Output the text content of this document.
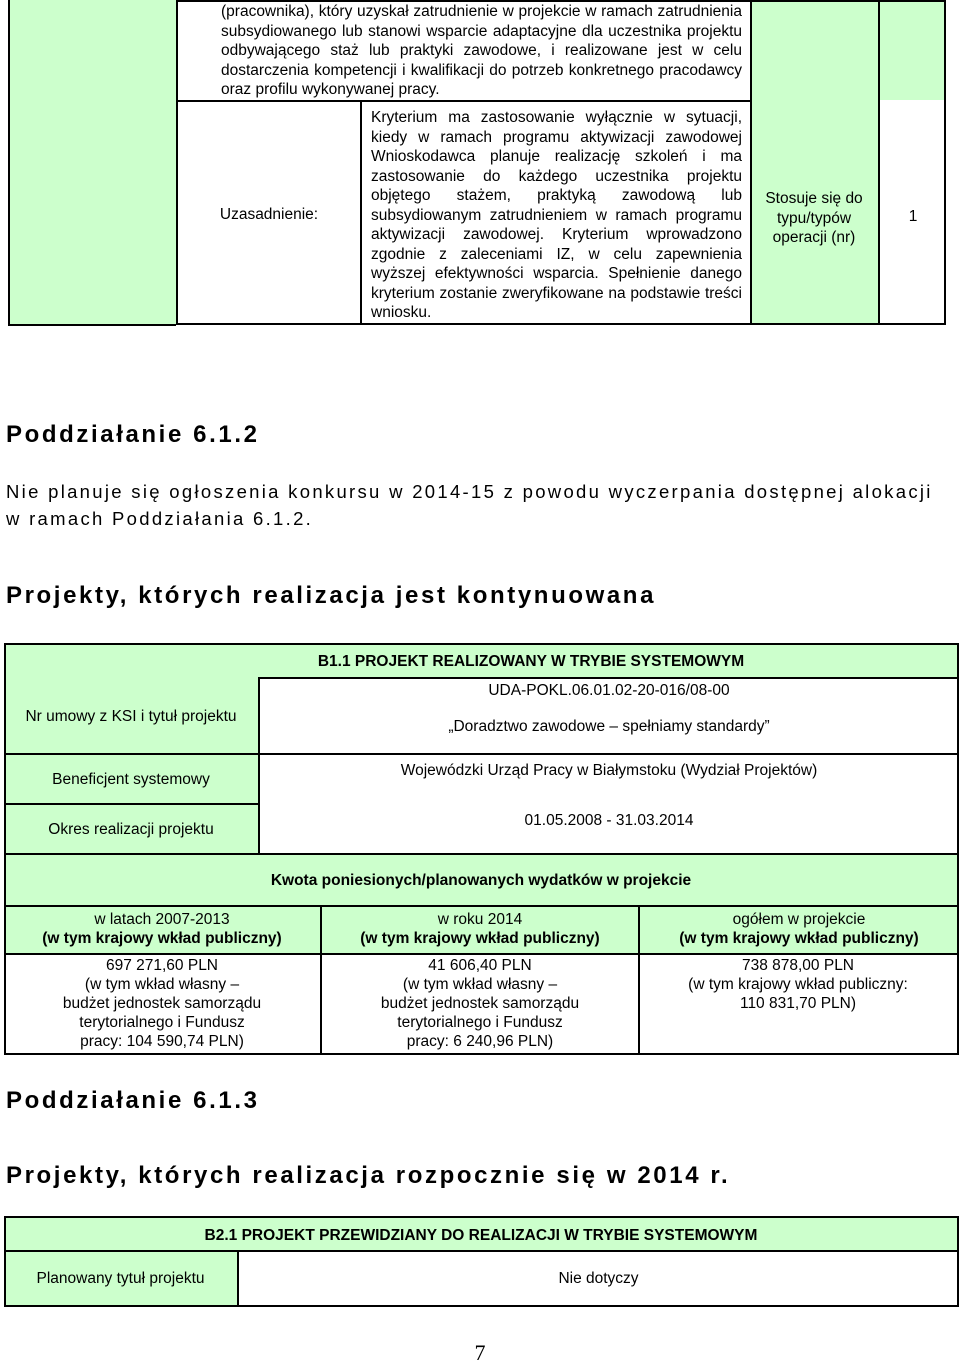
(pracownika), który uzyskał zatrudnienie w projekcie w ramach zatrudnienia subsydiowanego lub stanowi wsparcie adaptacyjne dla uczestnika projektu odbywającego staż lub praktyki zawodowe, i realizowane jest w celu dostarczenia kompetencji i kwalifikacji do potrzeb konkretnego pracodawcy oraz profilu wykonywanej pracy.
Uzasadnienie:
Kryterium ma zastosowanie wyłącznie w sytuacji, kiedy w ramach programu aktywizacji zawodowej Wnioskodawca planuje realizację szkoleń i ma zastosowanie do każdego uczestnika projektu objętego stażem, praktyką zawodową lub subsydiowanym zatrudnieniem w ramach programu aktywizacji zawodowej. Kryterium wprowadzono zgodnie z zaleceniami IZ, w celu zapewnienia wyższej efektywności wsparcia. Spełnienie danego kryterium zostanie zweryfikowane na podstawie treści wniosku.
Stosuje się do typu/typów operacji (nr)
1
Poddziałanie 6.1.2
Nie planuje się ogłoszenia konkursu w 2014-15 z powodu wyczerpania dostępnej alokacji w ramach Poddziałania 6.1.2.
Projekty, których realizacja jest kontynuowana
B1.1 PROJEKT REALIZOWANY W TRYBIE SYSTEMOWYM
Nr umowy z KSI i tytuł projektu
UDA-POKL.06.01.02-20-016/08-00
„Doradztwo zawodowe – spełniamy standardy”
Beneficjent systemowy
Wojewódzki Urząd Pracy w Białymstoku (Wydział Projektów)
Okres realizacji projektu
01.05.2008 - 31.03.2014
Kwota poniesionych/planowanych wydatków w projekcie
w latach 2007-2013
(w tym krajowy wkład publiczny)
w roku 2014
(w tym krajowy wkład publiczny)
ogółem w projekcie
(w tym krajowy wkład publiczny)
697 271,60 PLN
(w tym wkład własny – budżet jednostek samorządu terytorialnego i Fundusz pracy: 104 590,74 PLN)
41 606,40 PLN
(w tym wkład własny – budżet jednostek samorządu terytorialnego i Fundusz pracy: 6 240,96 PLN)
738 878,00 PLN
(w tym krajowy wkład publiczny: 110 831,70 PLN)
Poddziałanie 6.1.3
Projekty, których realizacja rozpocznie się w 2014 r.
B2.1 PROJEKT PRZEWIDZIANY DO REALIZACJI W TRYBIE SYSTEMOWYM
Planowany tytuł projektu	Nie dotyczy
7
